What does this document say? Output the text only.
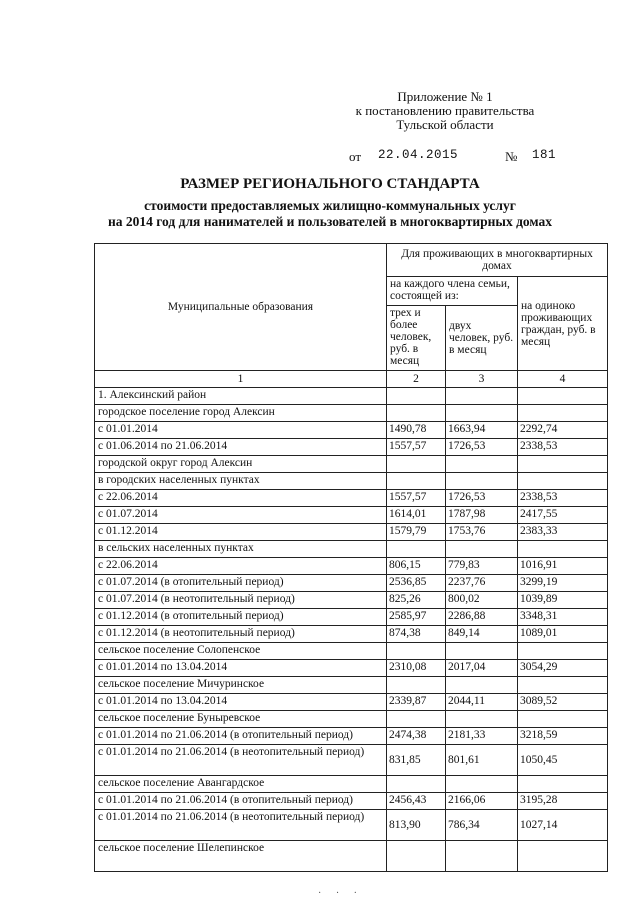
Приложение № 1
к постановлению правительства
Тульской области
от 22.04.2015	№ 181
РАЗМЕР РЕГИОНАЛЬНОГО СТАНДАРТА
стоимости предоставляемых жилищно-коммунальных услуг
на 2014 год для нанимателей и пользователей в многоквартирных домах
Муниципальные образования	Для проживающих в многоквартирных домах		
	на каждого члена семьи, состоящей из:		на одиноко проживающих граждан, руб. в месяц
	трех и более человек, руб. в месяц	двух человек, руб. в месяц	
1	2	3	4
1. Алексинский район			
городское поселение город Алексин			
с 01.01.2014	1490,78	1663,94	2292,74
с 01.06.2014 по 21.06.2014	1557,57	1726,53	2338,53
городской округ город Алексин			
в городских населенных пунктах			
с 22.06.2014	1557,57	1726,53	2338,53
с 01.07.2014	1614,01	1787,98	2417,55
с 01.12.2014	1579,79	1753,76	2383,33
в сельских населенных пунктах			
с 22.06.2014	806,15	779,83	1016,91
с 01.07.2014 (в отопительный период)	2536,85	2237,76	3299,19
с 01.07.2014 (в неотопительный период)	825,26	800,02	1039,89
с 01.12.2014 (в отопительный период)	2585,97	2286,88	3348,31
с 01.12.2014 (в неотопительный период)	874,38	849,14	1089,01
сельское поселение Солопенское			
с 01.01.2014 по 13.04.2014	2310,08	2017,04	3054,29
сельское поселение Мичуринское			
с 01.01.2014 по 13.04.2014	2339,87	2044,11	3089,52
сельское поселение Буныревское			
с 01.01.2014 по 21.06.2014 (в отопительный период)	2474,38	2181,33	3218,59
с 01.01.2014 по 21.06.2014 (в неотопительный период)	831,85	801,61	1050,45
сельское поселение Авангардское			
с 01.01.2014 по 21.06.2014 (в отопительный период)	2456,43	2166,06	3195,28
с 01.01.2014 по 21.06.2014 (в неотопительный период)	813,90	786,34	1027,14
сельское поселение Шелепинское			
· · ·
